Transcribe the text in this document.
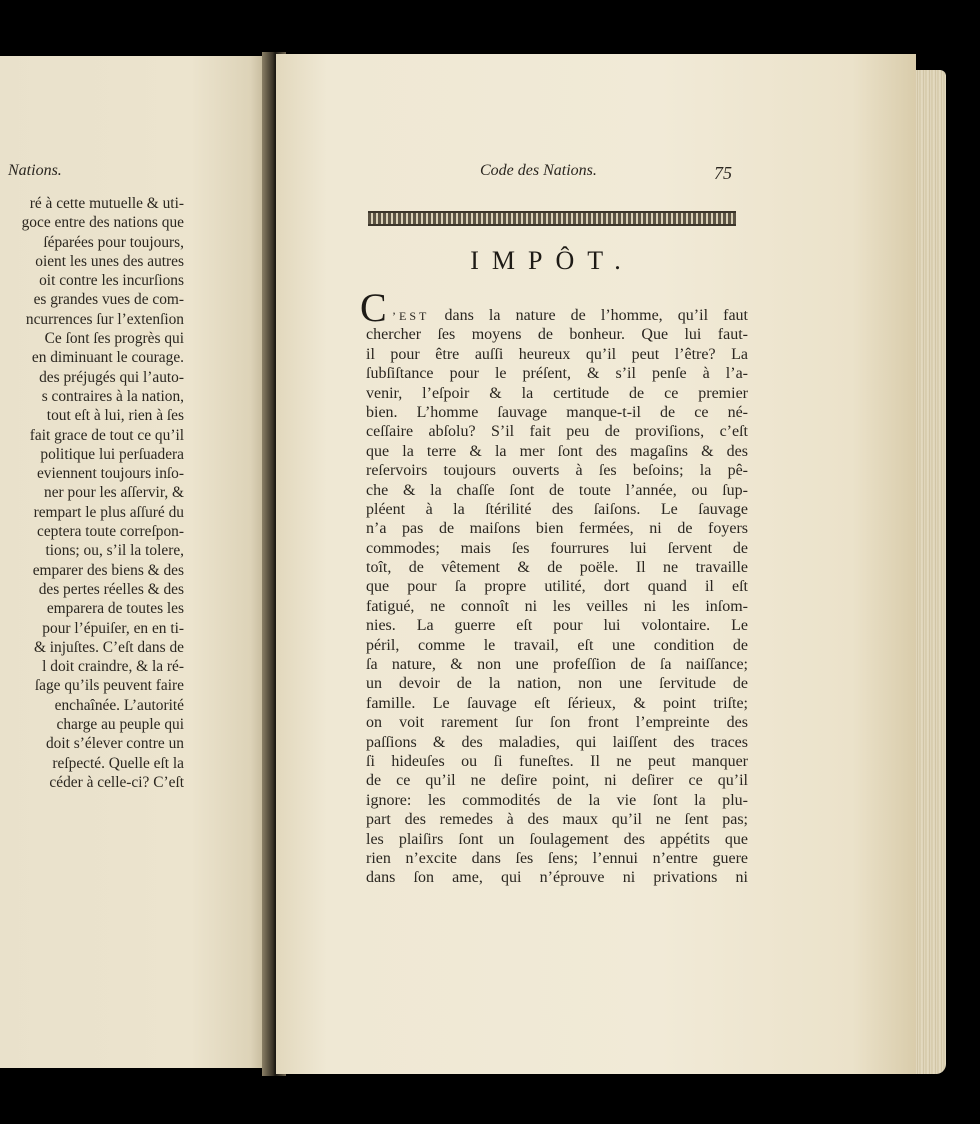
Nations.

ré à cette mutuelle & uti-
goce entre des nations que
ſéparées pour toujours,
oient les unes des autres
oit contre les incurſions
es grandes vues de com-
ncurrences ſur l’extenſion
Ce ſont ſes progrès qui
en diminuant le courage.
des préjugés qui l’auto-
s contraires à la nation,
tout eſt à lui, rien à ſes
fait grace de tout ce qu’il
politique lui perſuadera
eviennent toujours inſo-
ner pour les aſſervir, &
rempart le plus aſſuré du
ceptera toute correſpon-
tions; ou, s’il la tolere,
emparer des biens & des
des pertes réelles & des
emparera de toutes les
pour l’épuiſer, en en ti-
& injuſtes. C’eſt dans de
l doit craindre, & la ré-
ſage qu’ils peuvent faire
enchaînée. L’autorité
charge au peuple qui
doit s’élever contre un
reſpecté. Quelle eſt la
céder à celle-ci? C’eſt

Code des Nations.	75

IMPÔT.

C ’EST dans la nature de l’homme, qu’il faut
chercher ſes moyens de bonheur. Que lui faut-
il pour être auſſi heureux qu’il peut l’être? La
ſubſiſtance pour le préſent, & s’il penſe à l’a-
venir, l’eſpoir & la certitude de ce premier
bien. L’homme ſauvage manque-t-il de ce né-
ceſſaire abſolu? S’il fait peu de proviſions, c’eſt
que la terre & la mer ſont des magaſins & des
reſervoirs toujours ouverts à ſes beſoins; la pê-
che & la chaſſe ſont de toute l’année, ou ſup-
pléent à la ſtérilité des ſaiſons. Le ſauvage
n’a pas de maiſons bien fermées, ni de foyers
commodes; mais ſes fourrures lui ſervent de
toît, de vêtement & de poële. Il ne travaille
que pour ſa propre utilité, dort quand il eſt
fatigué, ne connoît ni les veilles ni les inſom-
nies. La guerre eſt pour lui volontaire. Le
péril, comme le travail, eſt une condition de
ſa nature, & non une profeſſion de ſa naiſſance;
un devoir de la nation, non une ſervitude de
famille. Le ſauvage eſt ſérieux, & point triſte;
on voit rarement ſur ſon front l’empreinte des
paſſions & des maladies, qui laiſſent des traces
ſi hideuſes ou ſi funeſtes. Il ne peut manquer
de ce qu’il ne deſire point, ni deſirer ce qu’il
ignore: les commodités de la vie ſont la plu-
part des remedes à des maux qu’il ne ſent pas;
les plaiſirs ſont un ſoulagement des appétits que
rien n’excite dans ſes ſens; l’ennui n’entre guere
dans ſon ame, qui n’éprouve ni privations ni
